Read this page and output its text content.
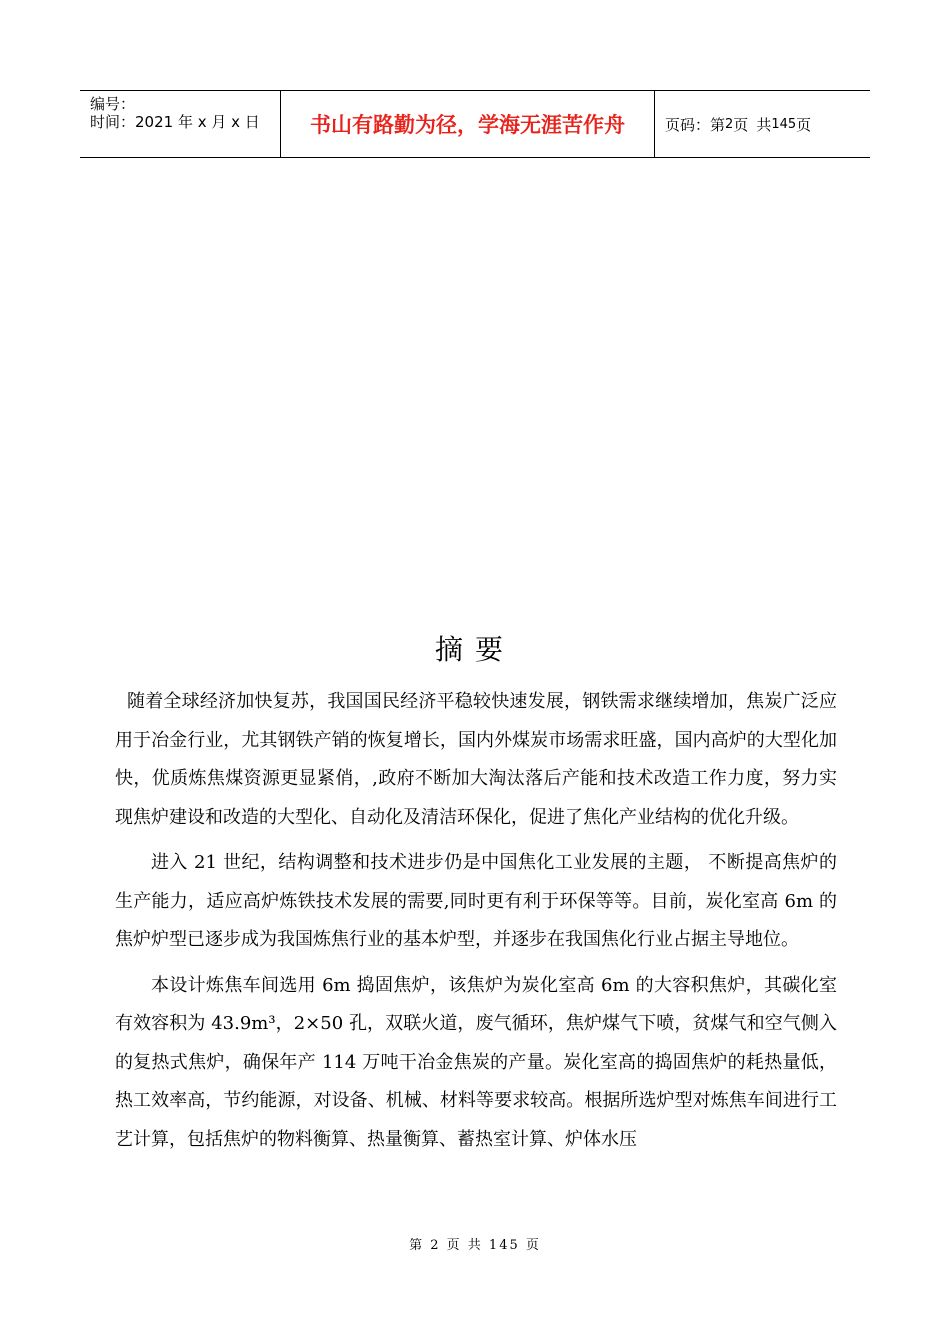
编号：
时间：2021 年 x 月 x 日	书山有路勤为径，学海无涯苦作舟	页码：第 2 页 共 145 页
摘要

随着全球经济加快复苏，我国国民经济平稳较快速发展，钢铁需求继续增加，焦炭广泛应用于冶金行业，尤其钢铁产销的恢复增长，国内外煤炭市场需求旺盛，国内高炉的大型化加快，优质炼焦煤资源更显紧俏，,政府不断加大淘汰落后产能和技术改造工作力度，努力实现焦炉建设和改造的大型化、自动化及清洁环保化，促进了焦化产业结构的优化升级。

进入 21 世纪，结构调整和技术进步仍是中国焦化工业发展的主题， 不断提高焦炉的生产能力，适应高炉炼铁技术发展的需要,同时更有利于环保等等。目前，炭化室高 6m 的焦炉炉型已逐步成为我国炼焦行业的基本炉型，并逐步在我国焦化行业占据主导地位。

本设计炼焦车间选用 6m 捣固焦炉，该焦炉为炭化室高 6m 的大容积焦炉，其碳化室有效容积为 43.9m³，2×50 孔，双联火道，废气循环，焦炉煤气下喷，贫煤气和空气侧入的复热式焦炉，确保年产 114 万吨干冶金焦炭的产量。炭化室高的捣固焦炉的耗热量低，热工效率高，节约能源，对设备、机械、材料等要求较高。根据所选炉型对炼焦车间进行工艺计算，包括焦炉的物料衡算、热量衡算、蓄热室计算、炉体水压

第 2 页 共 145 页
